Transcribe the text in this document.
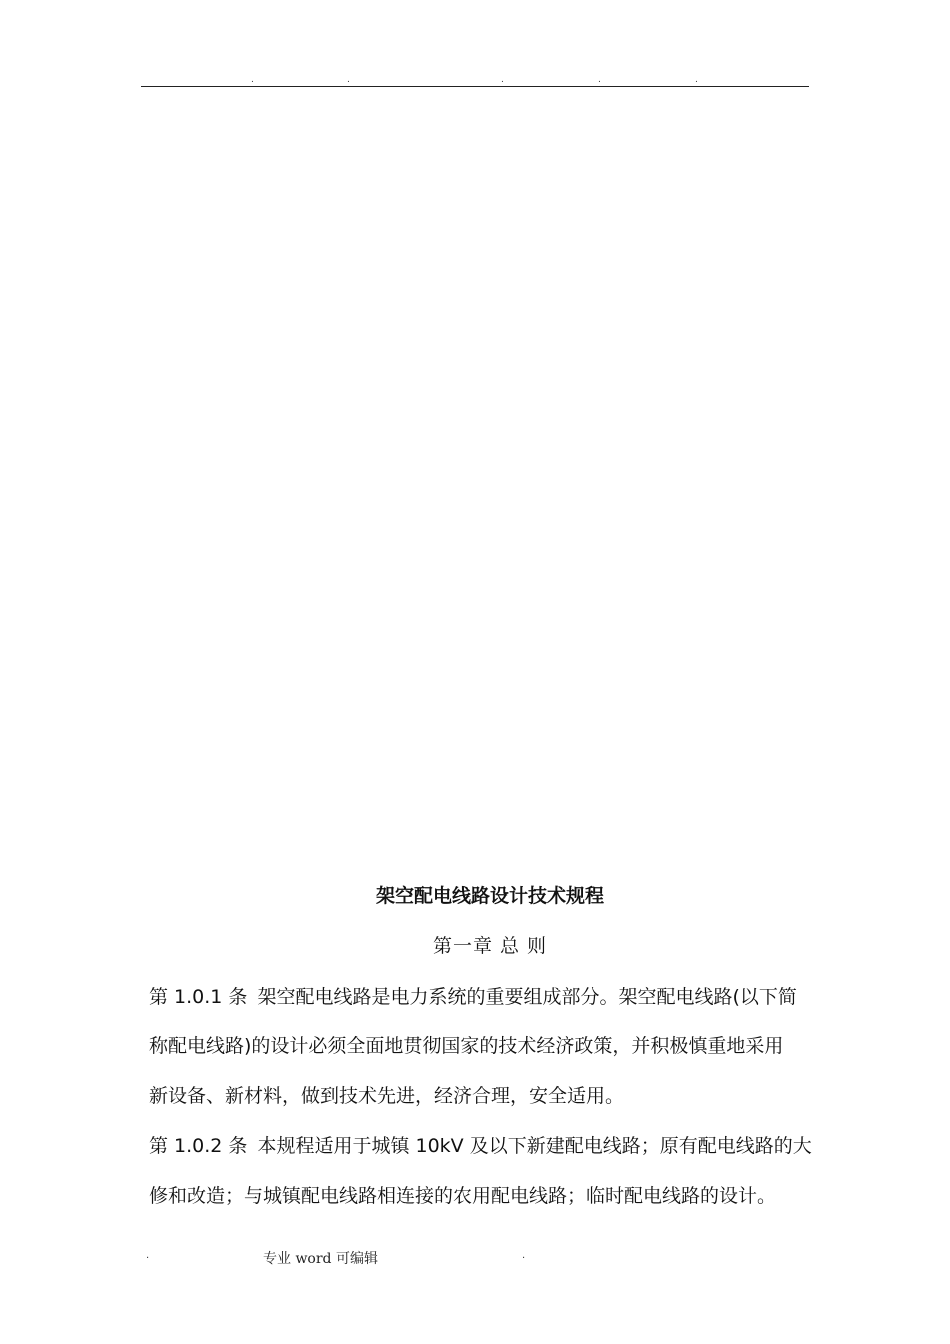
.	.	.	.	.
架空配电线路设计技术规程
第一章 总 则
第 1.0.1 条 架空配电线路是电力系统的重要组成部分。架空配电线路(以下简
称配电线路)的设计必须全面地贯彻国家的技术经济政策，并积极慎重地采用
新设备、新材料，做到技术先进，经济合理，安全适用。
第 1.0.2 条 本规程适用于城镇 10kV 及以下新建配电线路；原有配电线路的大
修和改造；与城镇配电线路相连接的农用配电线路；临时配电线路的设计。
.	专业 word 可编辑	.
